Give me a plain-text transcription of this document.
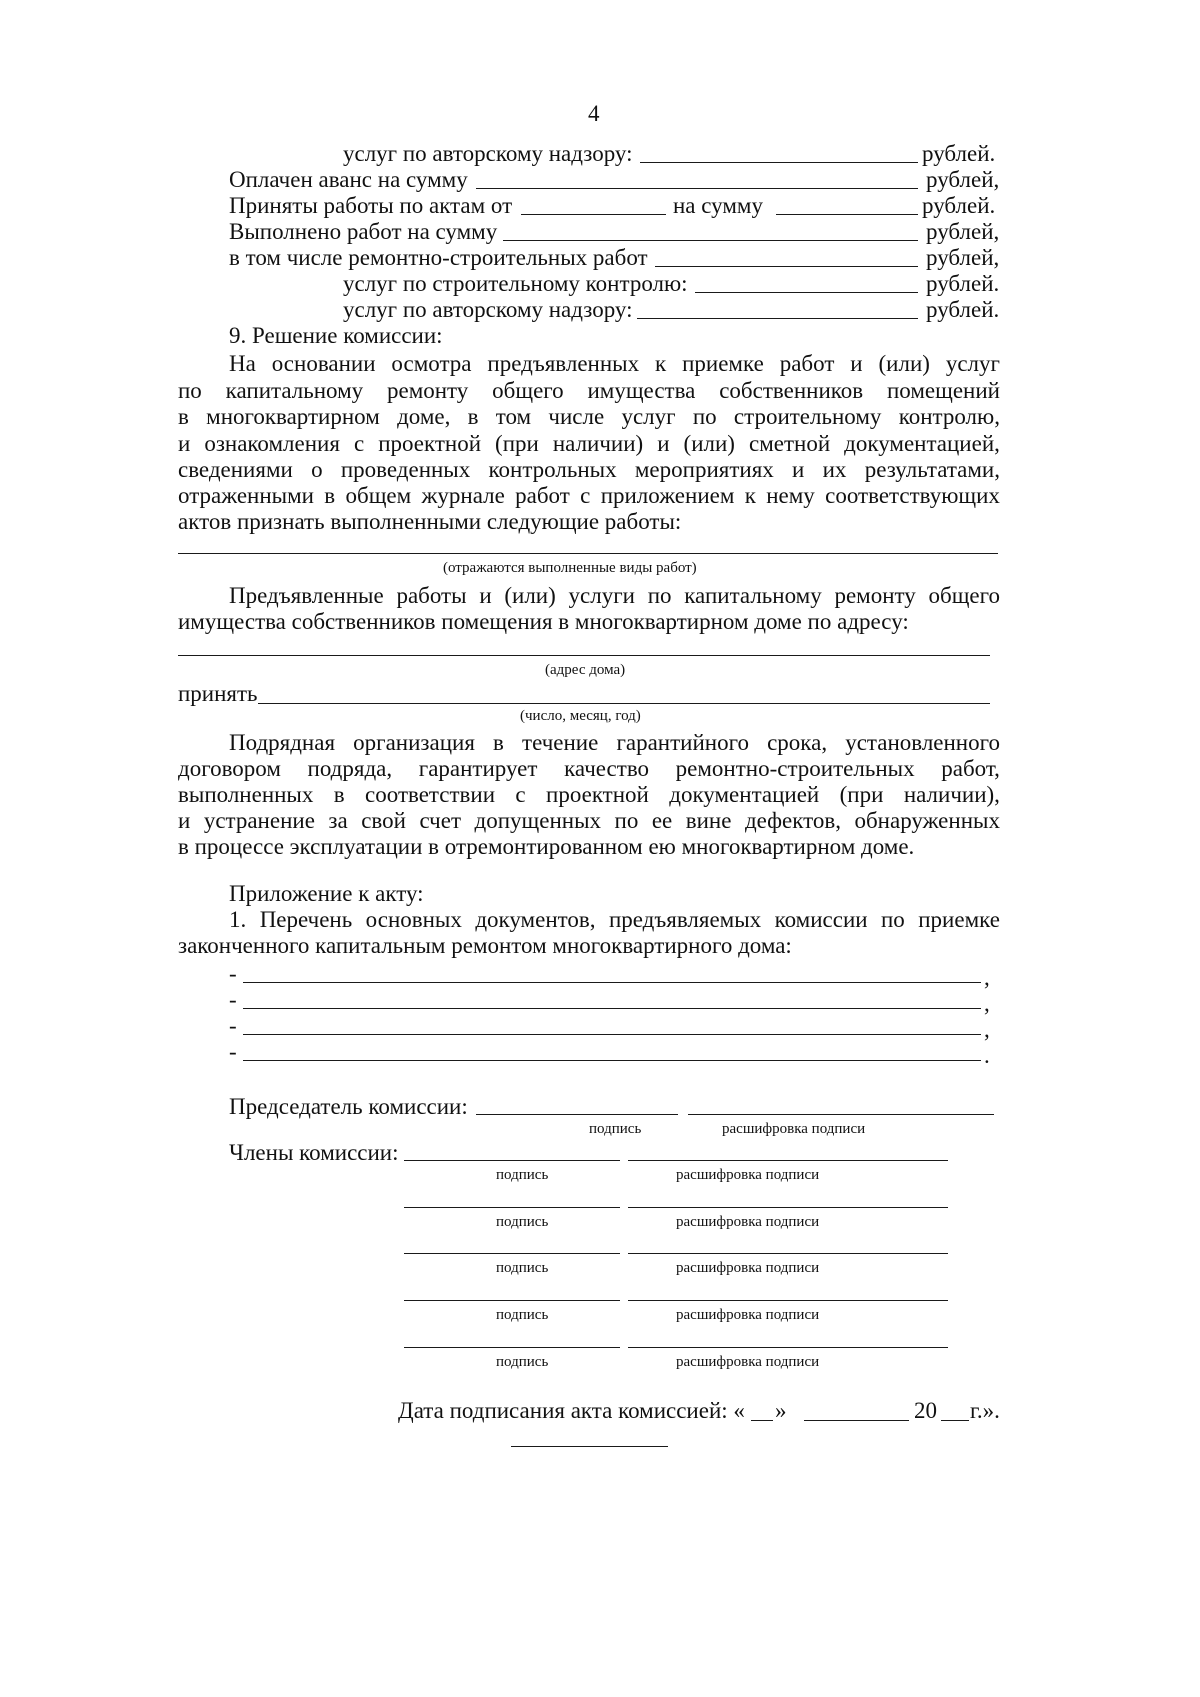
4
услуг по авторскому надзору:	рублей.
Оплачен аванс на сумму	рублей,
Приняты работы по актам от	на сумму	рублей.
Выполнено работ на сумму	рублей,
в том числе ремонтно-строительных работ	рублей,
услуг по строительному контролю:	рублей.
услуг по авторскому надзору:	рублей.
9. Решение комиссии:
На основании осмотра предъявленных к приемке работ и (или) услуг
по капитальному ремонту общего имущества собственников помещений
в многоквартирном доме, в том числе услуг по строительному контролю,
и ознакомления с проектной (при наличии) и (или) сметной документацией,
сведениями о проведенных контрольных мероприятиях и их результатами,
отраженными в общем журнале работ с приложением к нему соответствующих
актов признать выполненными следующие работы:
(отражаются выполненные виды работ)
Предъявленные работы и (или) услуги по капитальному ремонту общего
имущества собственников помещения в многоквартирном доме по адресу:
(адрес дома)
принять
(число, месяц, год)
Подрядная организация в течение гарантийного срока, установленного
договором подряда, гарантирует качество ремонтно-строительных работ,
выполненных в соответствии с проектной документацией (при наличии),
и устранение за свой счет допущенных по ее вине дефектов, обнаруженных
в процессе эксплуатации в отремонтированном ею многоквартирном доме.
Приложение к акту:
1. Перечень основных документов, предъявляемых комиссии по приемке
законченного капитальным ремонтом многоквартирного дома:
-	,
-	,
-	,
-	.
Председатель комиссии:
подпись	расшифровка подписи
Члены комиссии:
подпись	расшифровка подписи
подпись	расшифровка подписи
подпись	расшифровка подписи
подпись	расшифровка подписи
подпись	расшифровка подписи
Дата подписания акта комиссией: « »	20 г.».
